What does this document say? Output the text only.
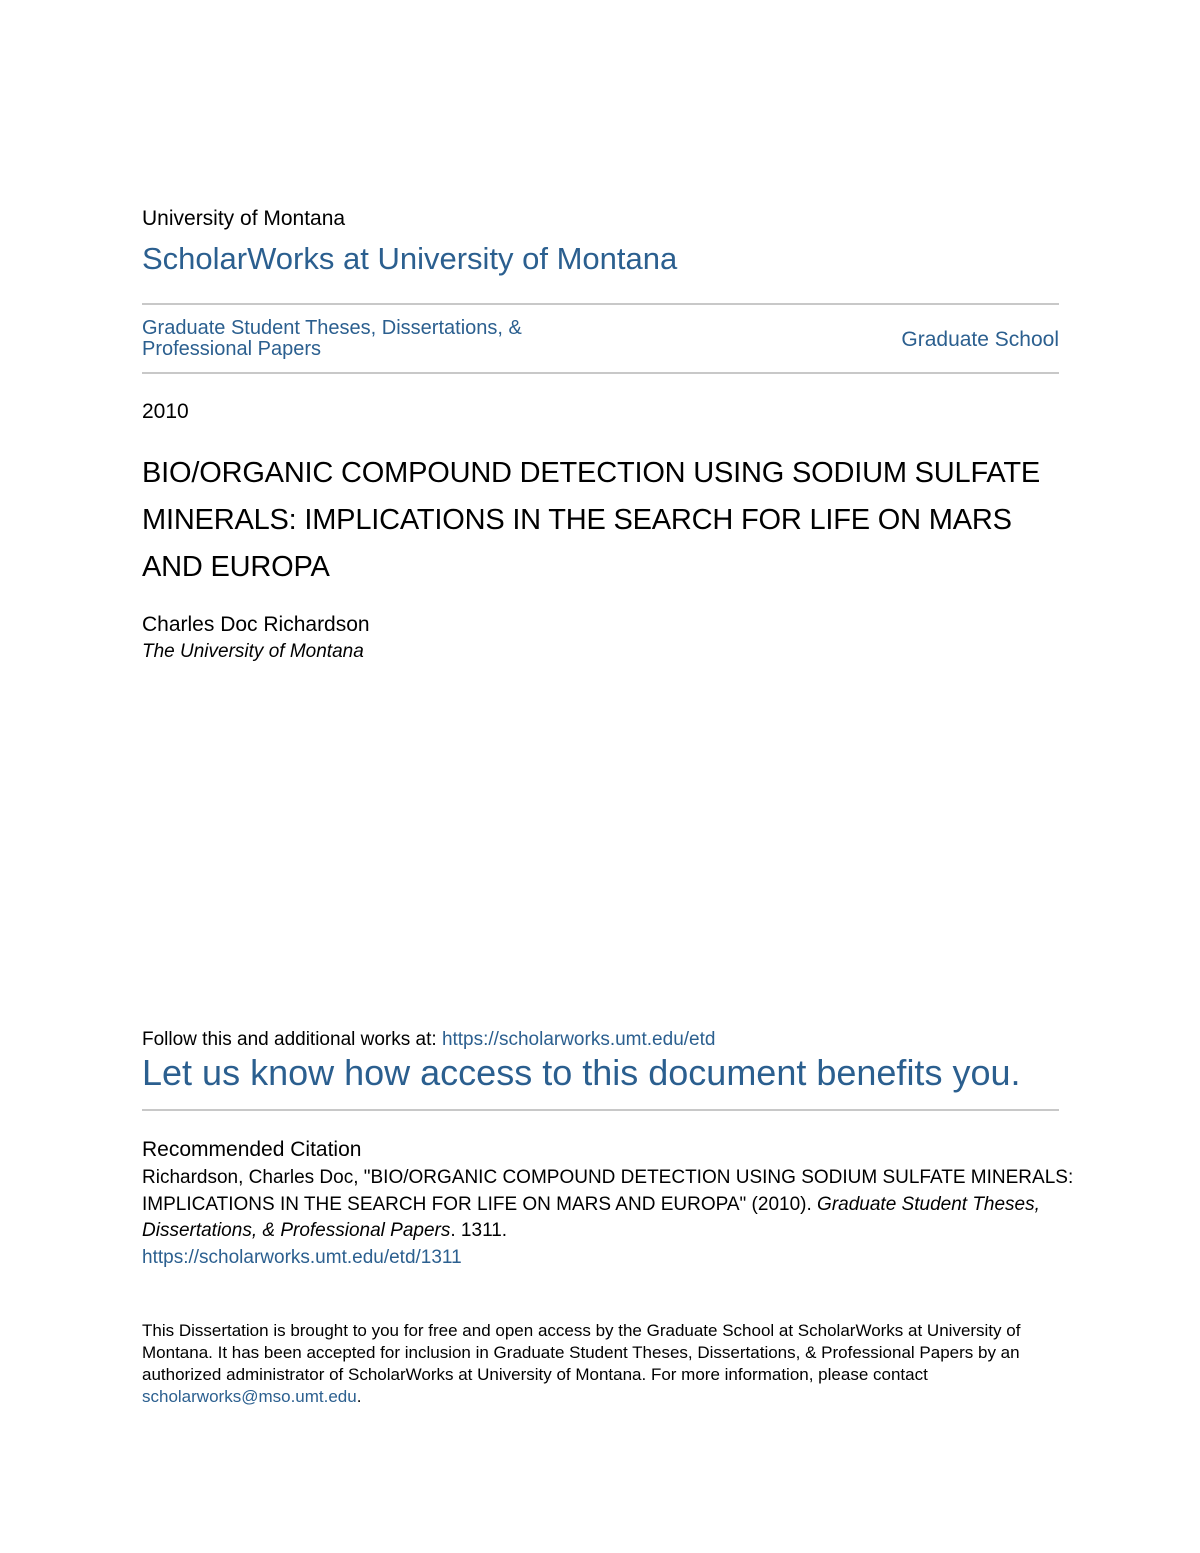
University of Montana
ScholarWorks at University of Montana
Graduate Student Theses, Dissertations, &
Professional Papers	Graduate School
2010
BIO/ORGANIC COMPOUND DETECTION USING SODIUM SULFATE
MINERALS: IMPLICATIONS IN THE SEARCH FOR LIFE ON MARS
AND EUROPA
Charles Doc Richardson
The University of Montana
Follow this and additional works at: https://scholarworks.umt.edu/etd
Let us know how access to this document benefits you.
Recommended Citation
Richardson, Charles Doc, "BIO/ORGANIC COMPOUND DETECTION USING SODIUM SULFATE MINERALS:
IMPLICATIONS IN THE SEARCH FOR LIFE ON MARS AND EUROPA" (2010). Graduate Student Theses,
Dissertations, & Professional Papers. 1311.
https://scholarworks.umt.edu/etd/1311
This Dissertation is brought to you for free and open access by the Graduate School at ScholarWorks at University of
Montana. It has been accepted for inclusion in Graduate Student Theses, Dissertations, & Professional Papers by an
authorized administrator of ScholarWorks at University of Montana. For more information, please contact
scholarworks@mso.umt.edu.
